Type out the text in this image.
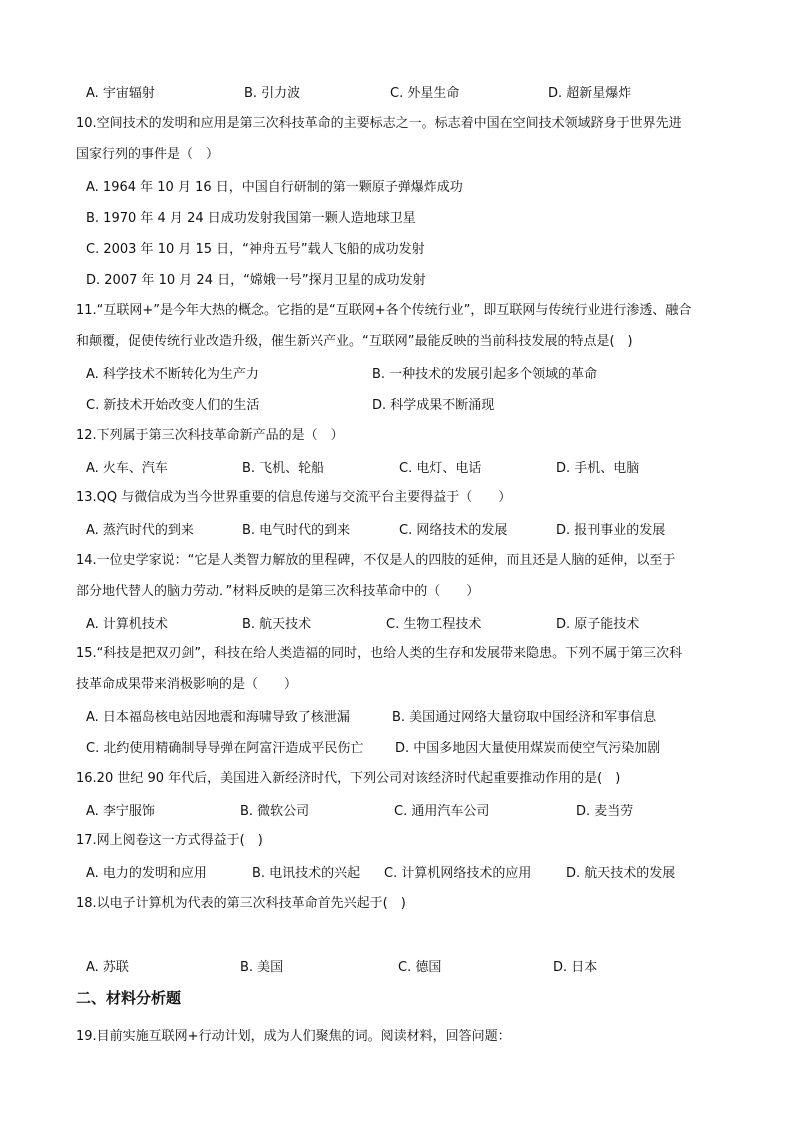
A. 宇宙辐射	B. 引力波	C. 外星生命	D. 超新星爆炸
10.空间技术的发明和应用是第三次科技革命的主要标志之一。标志着中国在空间技术领域跻身于世界先进
国家行列的事件是（　）
A. 1964 年 10 月 16 日，中国自行研制的第一颗原子弹爆炸成功
B. 1970 年 4 月 24 日成功发射我国第一颗人造地球卫星
C. 2003 年 10 月 15 日，“神舟五号”载人飞船的成功发射
D. 2007 年 10 月 24 日，“嫦娥一号”探月卫星的成功发射
11.“互联网+”是今年大热的概念。它指的是“互联网+各个传统行业”，即互联网与传统行业进行渗透、融合
和颠覆，促使传统行业改造升级，催生新兴产业。“互联网”最能反映的当前科技发展的特点是(　)
A. 科学技术不断转化为生产力	B. 一种技术的发展引起多个领域的革命
C. 新技术开始改变人们的生活	D. 科学成果不断涌现
12.下列属于第三次科技革命新产品的是（　）
A. 火车、汽车	B. 飞机、轮船	C. 电灯、电话	D. 手机、电脑
13.QQ 与微信成为当今世界重要的信息传递与交流平台主要得益于（　　）
A. 蒸汽时代的到来	B. 电气时代的到来	C. 网络技术的发展	D. 报刊事业的发展
14.一位史学家说：“它是人类智力解放的里程碑，不仅是人的四肢的延伸，而且还是人脑的延伸，以至于
部分地代替人的脑力劳动．”材料反映的是第三次科技革命中的（　　）
A. 计算机技术	B. 航天技术	C. 生物工程技术	D. 原子能技术
15.“科技是把双刃剑”，科技在给人类造福的同时，也给人类的生存和发展带来隐患。下列不属于第三次科
技革命成果带来消极影响的是（　　）
A. 日本福岛核电站因地震和海啸导致了核泄漏	B. 美国通过网络大量窃取中国经济和军事信息
C. 北约使用精确制导导弹在阿富汗造成平民伤亡 D. 中国多地因大量使用煤炭而使空气污染加剧
16.20 世纪 90 年代后，美国进入新经济时代，下列公司对该经济时代起重要推动作用的是(　)
A. 李宁服饰	B. 微软公司	C. 通用汽车公司	D. 麦当劳
17.网上阅卷这一方式得益于(　)
A. 电力的发明和应用	B. 电讯技术的兴起 C. 计算机网络技术的应用	D. 航天技术的发展
18.以电子计算机为代表的第三次科技革命首先兴起于(　)
A. 苏联	B. 美国	C. 德国	D. 日本
二、材料分析题
19.目前实施互联网+行动计划，成为人们聚焦的词。阅读材料，回答问题：
